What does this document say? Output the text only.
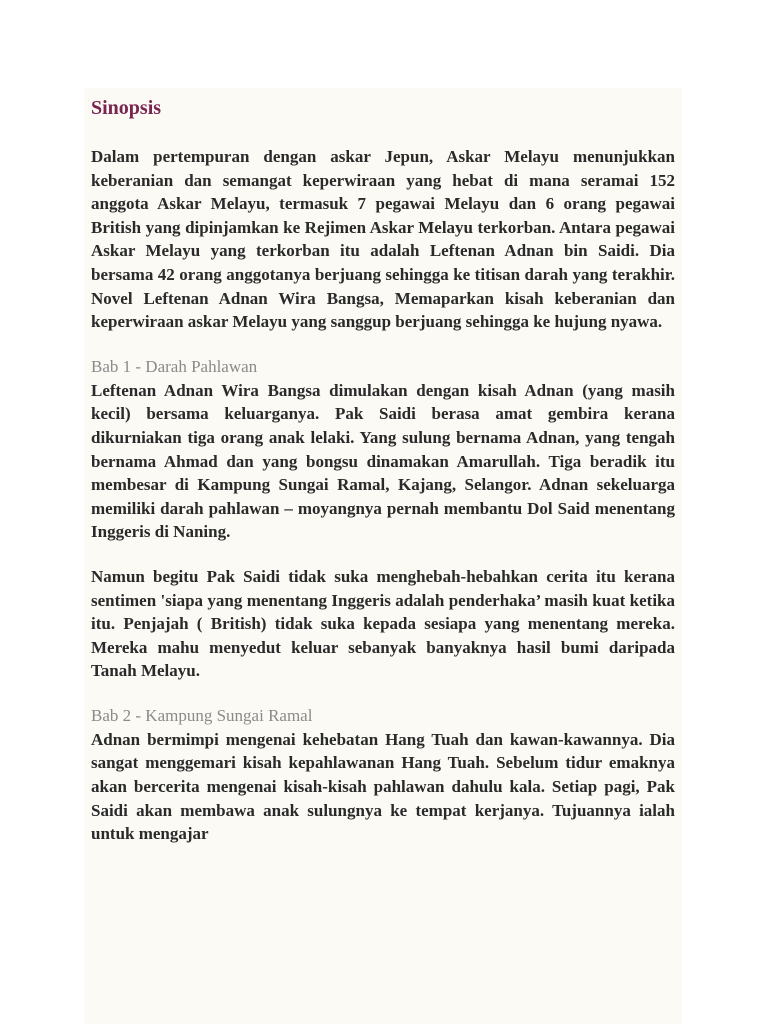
Sinopsis

Dalam pertempuran dengan askar Jepun, Askar Melayu menunjukkan keberanian dan semangat keperwiraan yang hebat di mana seramai 152 anggota Askar Melayu, termasuk 7 pegawai Melayu dan 6 orang pegawai British yang dipinjamkan ke Rejimen Askar Melayu terkorban. Antara pegawai Askar Melayu yang terkorban itu adalah Leftenan Adnan bin Saidi. Dia bersama 42 orang anggotanya berjuang sehingga ke titisan darah yang terakhir. Novel Leftenan Adnan Wira Bangsa, Memaparkan kisah keberanian dan keperwiraan askar Melayu yang sanggup berjuang sehingga ke hujung nyawa.

Bab 1 - Darah Pahlawan

Leftenan Adnan Wira Bangsa dimulakan dengan kisah Adnan (yang masih kecil) bersama keluarganya. Pak Saidi berasa amat gembira kerana dikurniakan tiga orang anak lelaki. Yang sulung bernama Adnan, yang tengah bernama Ahmad dan yang bongsu dinamakan Amarullah. Tiga beradik itu membesar di Kampung Sungai Ramal, Kajang, Selangor. Adnan sekeluarga memiliki darah pahlawan – moyangnya pernah membantu Dol Said menentang Inggeris di Naning.

Namun begitu Pak Saidi tidak suka menghebah-hebahkan cerita itu kerana sentimen 'siapa yang menentang Inggeris adalah penderhaka’ masih kuat ketika itu. Penjajah ( British) tidak suka kepada sesiapa yang menentang mereka. Mereka mahu menyedut keluar sebanyak banyaknya hasil bumi daripada Tanah Melayu.

Bab 2 - Kampung Sungai Ramal

Adnan bermimpi mengenai kehebatan Hang Tuah dan kawan-kawannya. Dia sangat menggemari kisah kepahlawanan Hang Tuah. Sebelum tidur emaknya akan bercerita mengenai kisah-kisah pahlawan dahulu kala. Setiap pagi, Pak Saidi akan membawa anak sulungnya ke tempat kerjanya. Tujuannya ialah untuk mengajar
